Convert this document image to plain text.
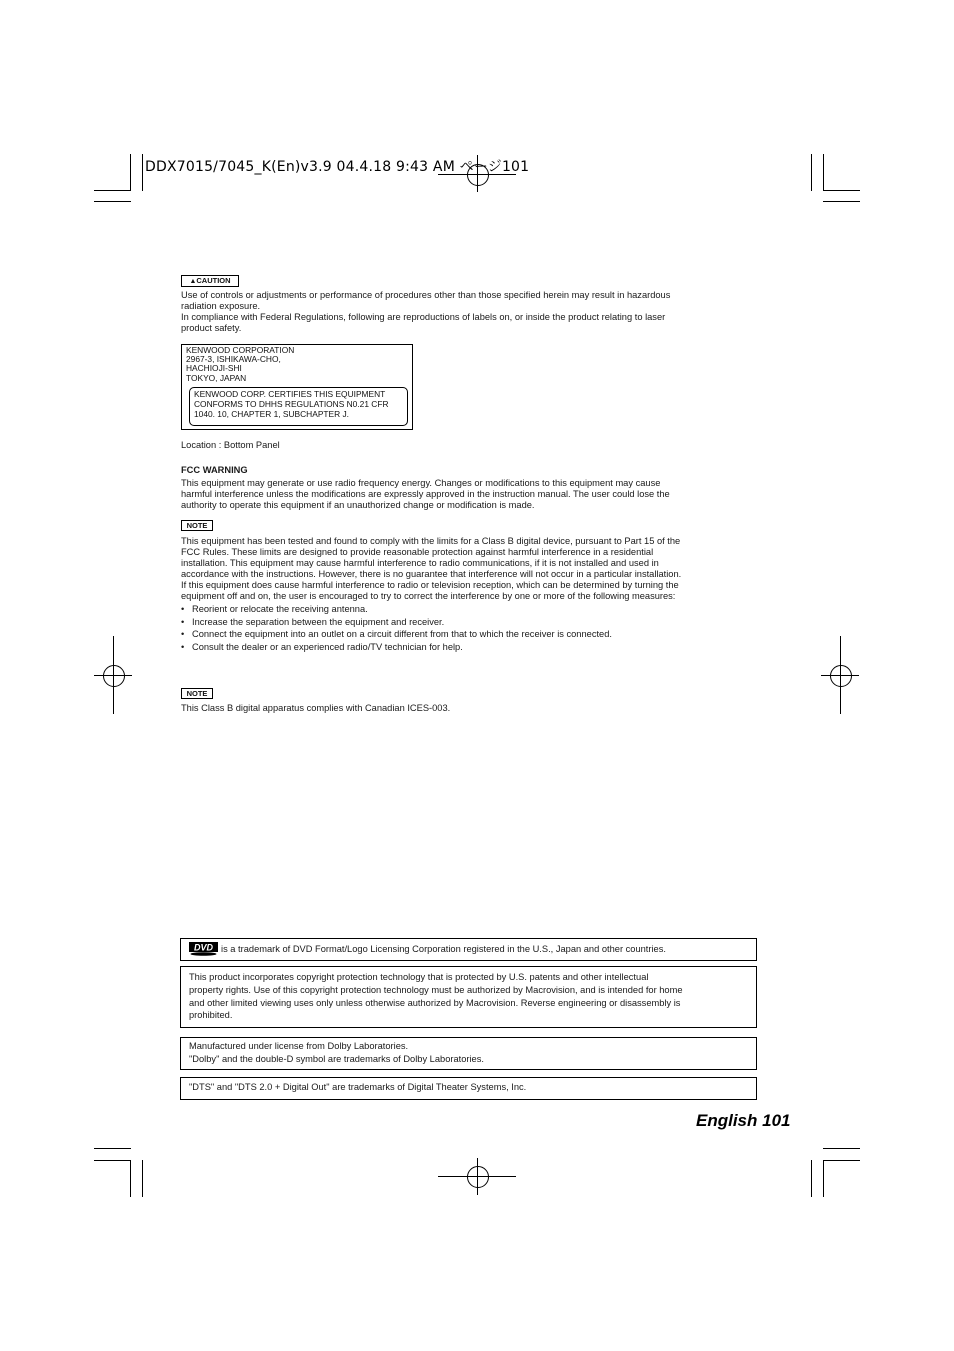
DDX7015/7045_K(En)v3.9 04.4.18 9:43 AM ページ101
▲CAUTION
Use of controls or adjustments or performance of procedures other than those specified herein may result in hazardous
radiation exposure.
In compliance with Federal Regulations, following are reproductions of labels on, or inside the product relating to laser
product safety.
KENWOOD CORPORATION
2967-3, ISHIKAWA-CHO,
HACHIOJI-SHI
TOKYO, JAPAN
KENWOOD CORP. CERTIFIES THIS EQUIPMENT
CONFORMS TO DHHS REGULATIONS N0.21 CFR
1040. 10, CHAPTER 1, SUBCHAPTER J.
Location : Bottom Panel
FCC WARNING
This equipment may generate or use radio frequency energy. Changes or modifications to this equipment may cause
harmful interference unless the modifications are expressly approved in the instruction manual. The user could lose the
authority to operate this equipment if an unauthorized change or modification is made.
NOTE
This equipment has been tested and found to comply with the limits for a Class B digital device, pursuant to Part 15 of the
FCC Rules. These limits are designed to provide reasonable protection against harmful interference in a residential
installation. This equipment may cause harmful interference to radio communications, if it is not installed and used in
accordance with the instructions. However, there is no guarantee that interference will not occur in a particular installation.
If this equipment does cause harmful interference to radio or television reception, which can be determined by turning the
equipment off and on, the user is encouraged to try to correct the interference by one or more of the following measures:
• Reorient or relocate the receiving antenna.
• Increase the separation between the equipment and receiver.
• Connect the equipment into an outlet on a circuit different from that to which the receiver is connected.
• Consult the dealer or an experienced radio/TV technician for help.
NOTE
This Class B digital apparatus complies with Canadian ICES-003.
DVD is a trademark of DVD Format/Logo Licensing Corporation registered in the U.S., Japan and other countries.
This product incorporates copyright protection technology that is protected by U.S. patents and other intellectual
property rights. Use of this copyright protection technology must be authorized by Macrovision, and is intended for home
and other limited viewing uses only unless otherwise authorized by Macrovision. Reverse engineering or disassembly is
prohibited.
Manufactured under license from Dolby Laboratories.
"Dolby" and the double-D symbol are trademarks of Dolby Laboratories.
"DTS" and "DTS 2.0 + Digital Out" are trademarks of Digital Theater Systems, Inc.
English 101
